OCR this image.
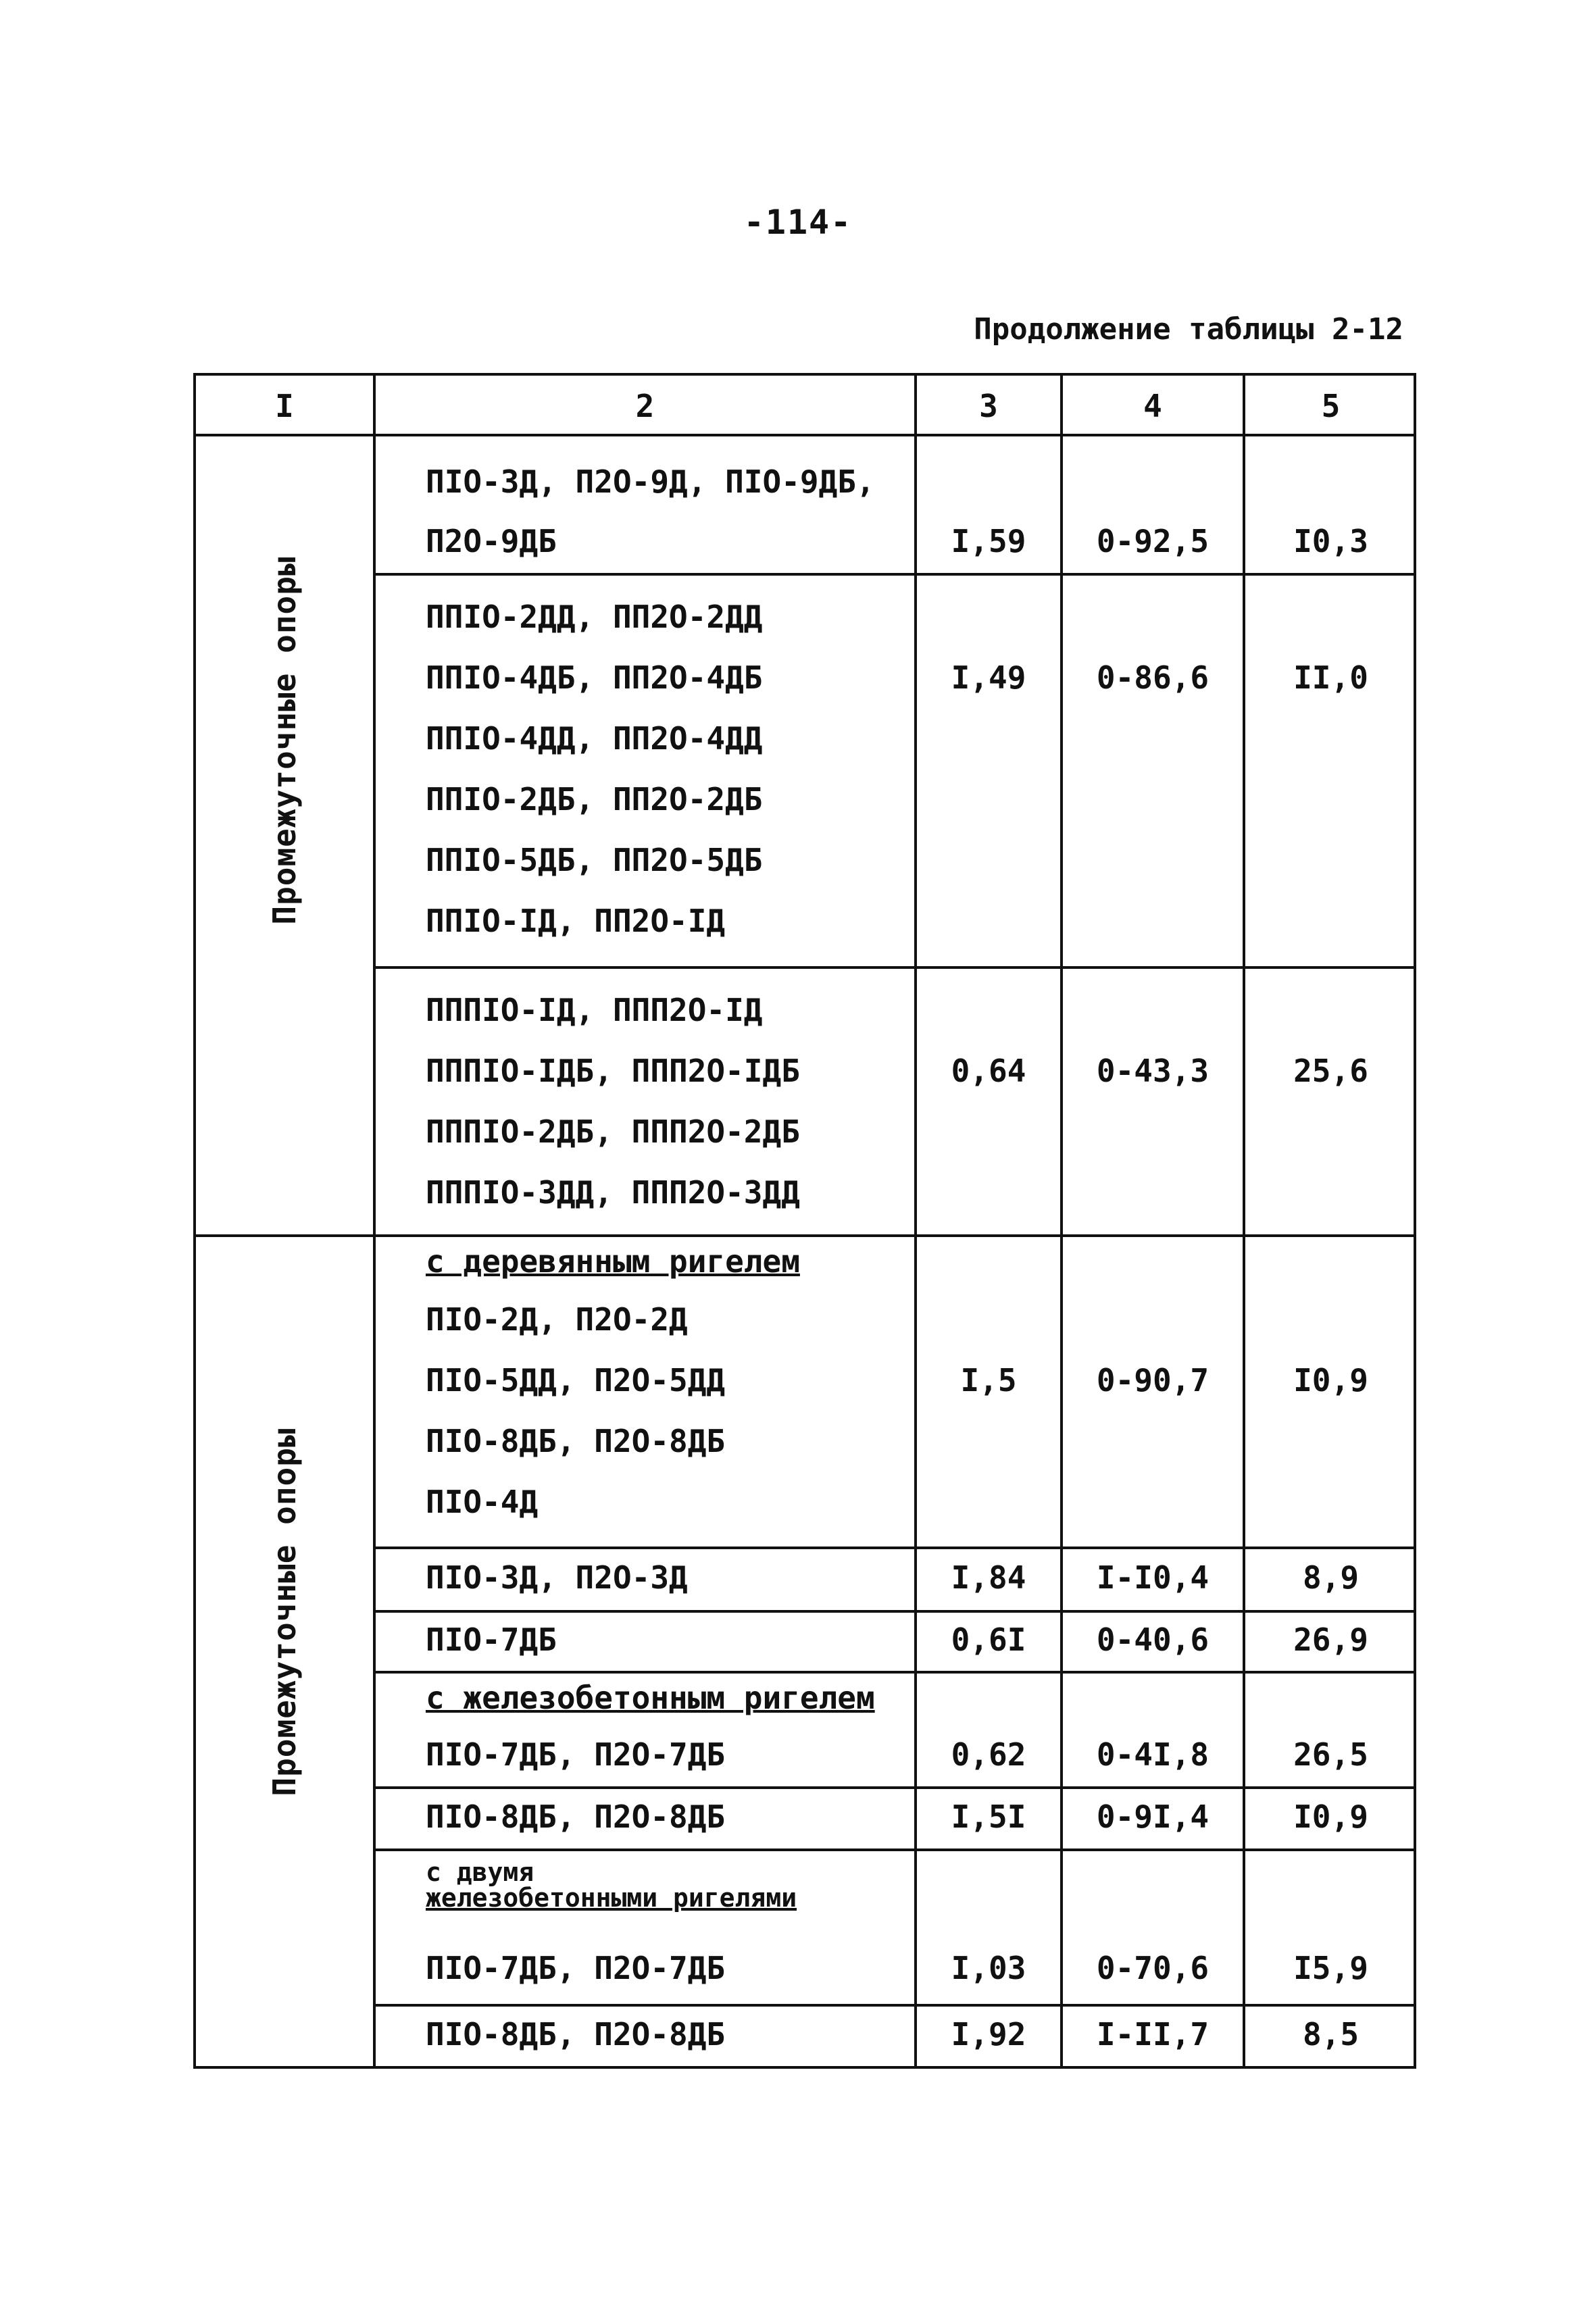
-114-
Продолжение таблицы 2-12
I	2	3	4	5
Промежуточные опоры
Промежуточные опоры
ПIО-3Д, П2О-9Д, ПIО-9ДБ,
П2О-9ДБ	I,59	0-92,5	I0,3
ППIО-2ДД, ПП2О-2ДД
ППIО-4ДБ, ПП2О-4ДБ
ППIО-4ДД, ПП2О-4ДД
ППIО-2ДБ, ПП2О-2ДБ
ППIО-5ДБ, ПП2О-5ДБ
ППIО-IД, ПП2О-IД
I,49	0-86,6	II,0
ПППIО-IД, ППП2О-IД
ПППIО-IДБ, ППП2О-IДБ
ПППIО-2ДБ, ППП2О-2ДБ
ПППIО-3ДД, ППП2О-3ДД
0,64	0-43,3	25,6
с деревянным ригелем
ПIО-2Д, П2О-2Д
ПIО-5ДД, П2О-5ДД
ПIО-8ДБ, П2О-8ДБ
ПIО-4Д
I,5	0-90,7	I0,9
ПIО-3Д, П2О-3Д	I,84	I-I0,4	8,9
ПIО-7ДБ	0,6I	0-40,6	26,9
с железобетонным ригелем
ПIО-7ДБ, П2О-7ДБ	0,62	0-4I,8	26,5
ПIО-8ДБ, П2О-8ДБ	I,5I	0-9I,4	I0,9
с двумя
железобетонными ригелями
ПIО-7ДБ, П2О-7ДБ	I,03	0-70,6	I5,9
ПIО-8ДБ, П2О-8ДБ	I,92	I-II,7	8,5
